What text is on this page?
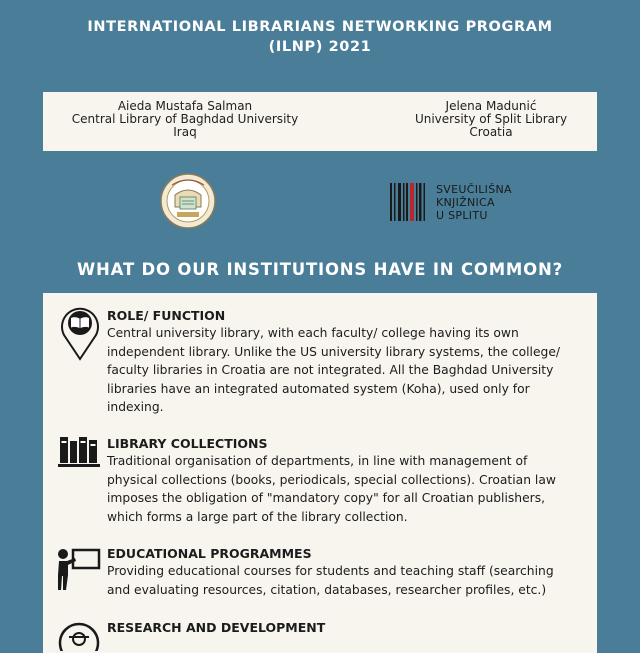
INTERNATIONAL LIBRARIANS NETWORKING PROGRAM
(ILNP) 2021
Aieda Mustafa Salman
Central Library of Baghdad University
Iraq
Jelena Madunić
University of Split Library
Croatia
SVEUČILIŠNA
KNJIŽNICA
U SPLITU
WHAT DO OUR INSTITUTIONS HAVE IN COMMON?
ROLE/ FUNCTION
Central university library, with each faculty/ college having its own independent library. Unlike the US university library systems, the college/ faculty libraries in Croatia are not integrated. All the Baghdad University libraries have an integrated automated system (Koha), used only for indexing.
LIBRARY COLLECTIONS
Traditional organisation of departments, in line with management of physical collections (books, periodicals, special collections). Croatian law imposes the obligation of "mandatory copy" for all Croatian publishers, which forms a large part of the library collection.
EDUCATIONAL PROGRAMMES
Providing educational courses for students and teaching staff (searching and evaluating resources, citation, databases, researcher profiles, etc.)
RESEARCH AND DEVELOPMENT
